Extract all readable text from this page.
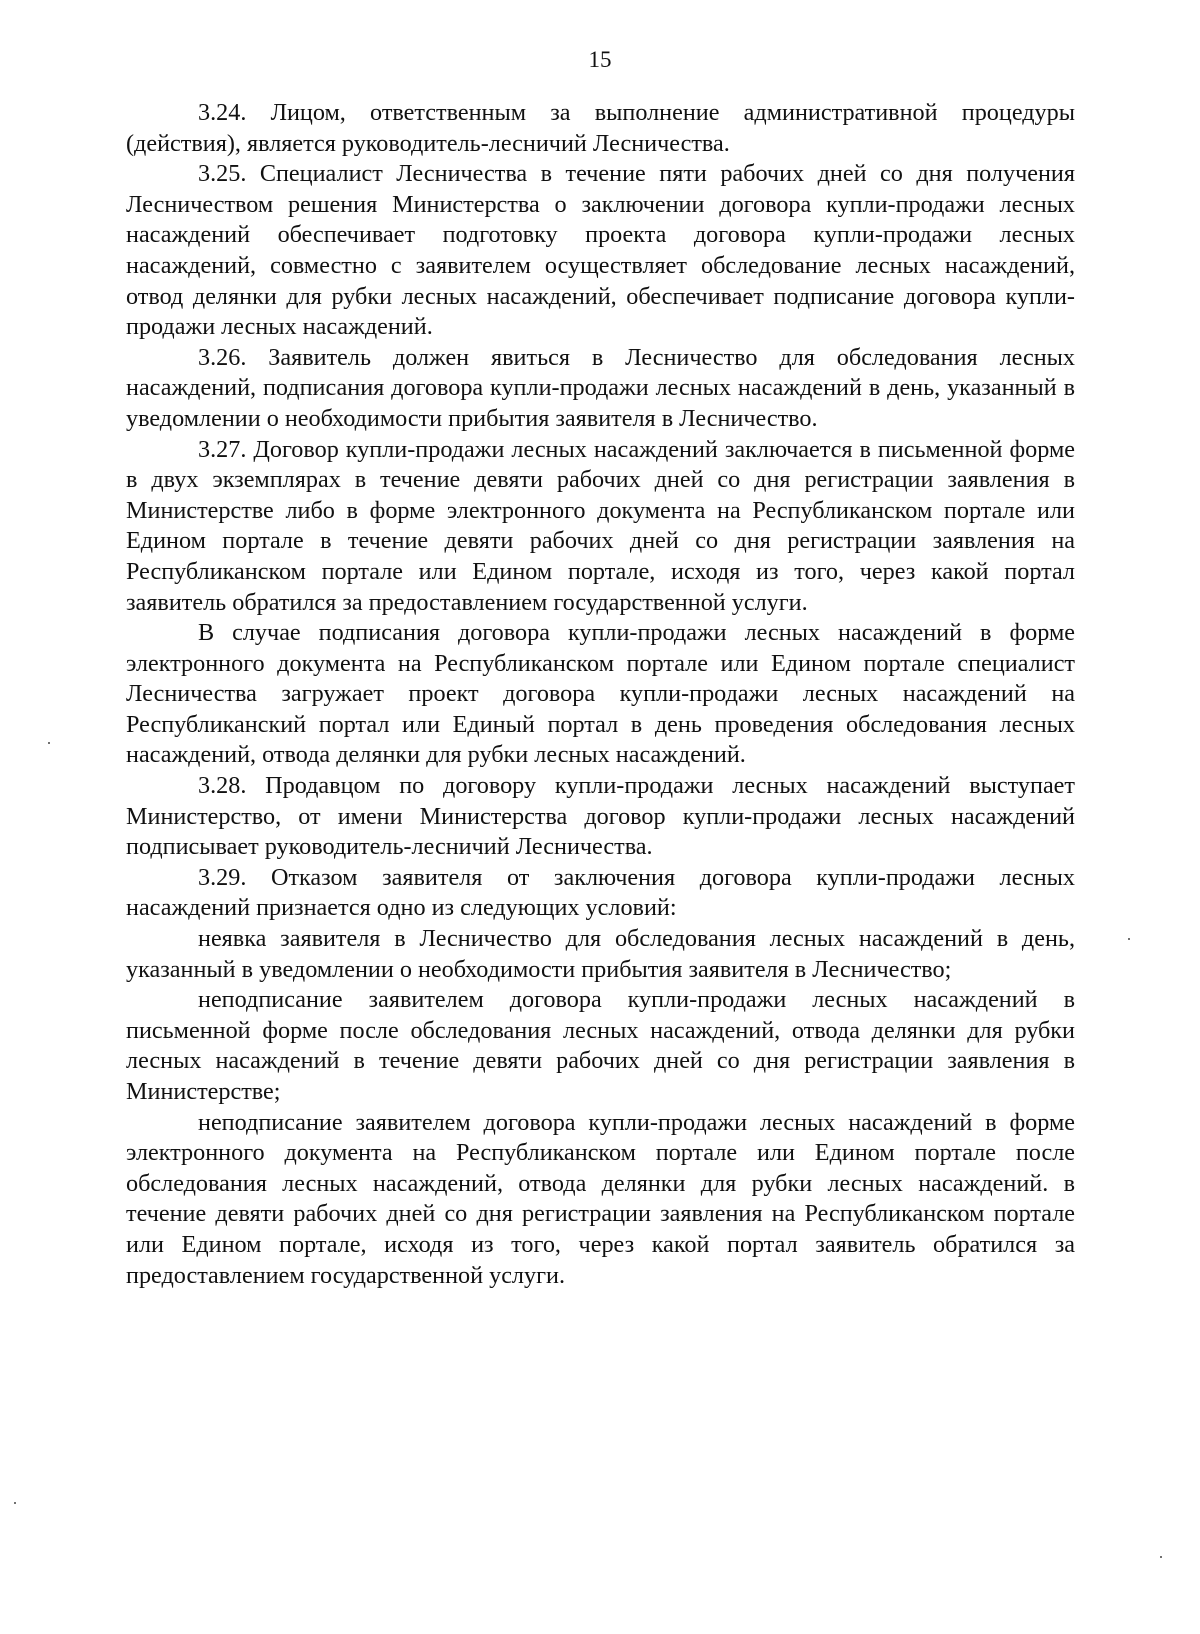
15

3.24. Лицом, ответственным за выполнение административной процедуры (действия), является руководитель-лесничий Лесничества.

3.25. Специалист Лесничества в течение пяти рабочих дней со дня получения Лесничеством решения Министерства о заключении договора купли-продажи лесных насаждений обеспечивает подготовку проекта договора купли-продажи лесных насаждений, совместно с заявителем осуществляет обследование лесных насаждений, отвод делянки для рубки лесных насаждений, обеспечивает подписание договора купли-продажи лесных насаждений.

3.26. Заявитель должен явиться в Лесничество для обследования лесных насаждений, подписания договора купли-продажи лесных насаждений в день, указанный в уведомлении о необходимости прибытия заявителя в Лесничество.

3.27. Договор купли-продажи лесных насаждений заключается в письменной форме в двух экземплярах в течение девяти рабочих дней со дня регистрации заявления в Министерстве либо в форме электронного документа на Республиканском портале или Едином портале в течение девяти рабочих дней со дня регистрации заявления на Республиканском портале или Едином портале, исходя из того, через какой портал заявитель обратился за предоставлением государственной услуги.

В случае подписания договора купли-продажи лесных насаждений в форме электронного документа на Республиканском портале или Едином портале специалист Лесничества загружает проект договора купли-продажи лесных насаждений на Республиканский портал или Единый портал в день проведения обследования лесных насаждений, отвода делянки для рубки лесных насаждений.

3.28. Продавцом по договору купли-продажи лесных насаждений выступает Министерство, от имени Министерства договор купли-продажи лесных насаждений подписывает руководитель-лесничий Лесничества.

3.29. Отказом заявителя от заключения договора купли-продажи лесных насаждений признается одно из следующих условий:

неявка заявителя в Лесничество для обследования лесных насаждений в день, указанный в уведомлении о необходимости прибытия заявителя в Лесничество;

неподписание заявителем договора купли-продажи лесных насаждений в письменной форме после обследования лесных насаждений, отвода делянки для рубки лесных насаждений в течение девяти рабочих дней со дня регистрации заявления в Министерстве;

неподписание заявителем договора купли-продажи лесных насаждений в форме электронного документа на Республиканском портале или Едином портале после обследования лесных насаждений, отвода делянки для рубки лесных насаждений. в течение девяти рабочих дней со дня регистрации заявления на Республиканском портале или Едином портале, исходя из того, через какой портал заявитель обратился за предоставлением государственной услуги.
